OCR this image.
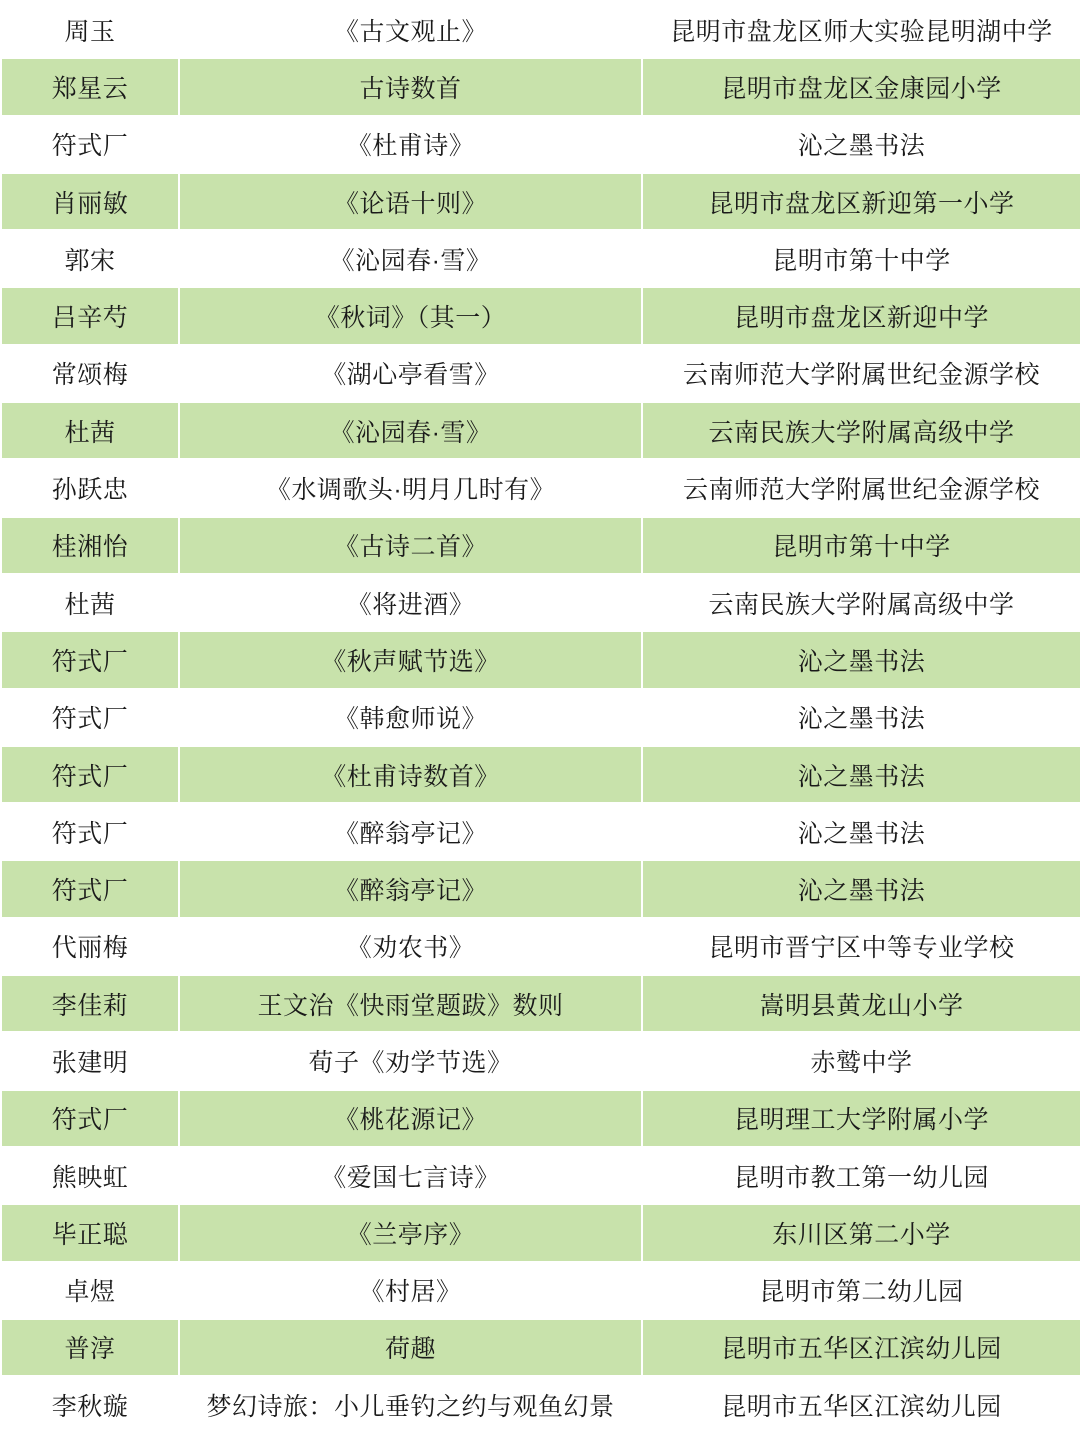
周玉	《古文观止》	昆明市盘龙区师大实验昆明湖中学
郑星云	古诗数首	昆明市盘龙区金康园小学
符式厂	《杜甫诗》	沁之墨书法
肖丽敏	《论语十则》	昆明市盘龙区新迎第一小学
郭宋	《沁园春·雪》	昆明市第十中学
吕辛芍	《秋词》（其一）	昆明市盘龙区新迎中学
常颂梅	《湖心亭看雪》	云南师范大学附属世纪金源学校
杜茜	《沁园春·雪》	云南民族大学附属高级中学
孙跃忠	《水调歌头·明月几时有》	云南师范大学附属世纪金源学校
桂湘怡	《古诗二首》	昆明市第十中学
杜茜	《将进酒》	云南民族大学附属高级中学
符式厂	《秋声赋节选》	沁之墨书法
符式厂	《韩愈师说》	沁之墨书法
符式厂	《杜甫诗数首》	沁之墨书法
符式厂	《醉翁亭记》	沁之墨书法
符式厂	《醉翁亭记》	沁之墨书法
代丽梅	《劝农书》	昆明市晋宁区中等专业学校
李佳莉	王文治《快雨堂题跋》数则	嵩明县黄龙山小学
张建明	荀子《劝学节选》	赤鹫中学
符式厂	《桃花源记》	昆明理工大学附属小学
熊映虹	《爱国七言诗》	昆明市教工第一幼儿园
毕正聪	《兰亭序》	东川区第二小学
卓煜	《村居》	昆明市第二幼儿园
普淳	荷趣	昆明市五华区江滨幼儿园
李秋璇	梦幻诗旅：小儿垂钓之约与观鱼幻景	昆明市五华区江滨幼儿园
